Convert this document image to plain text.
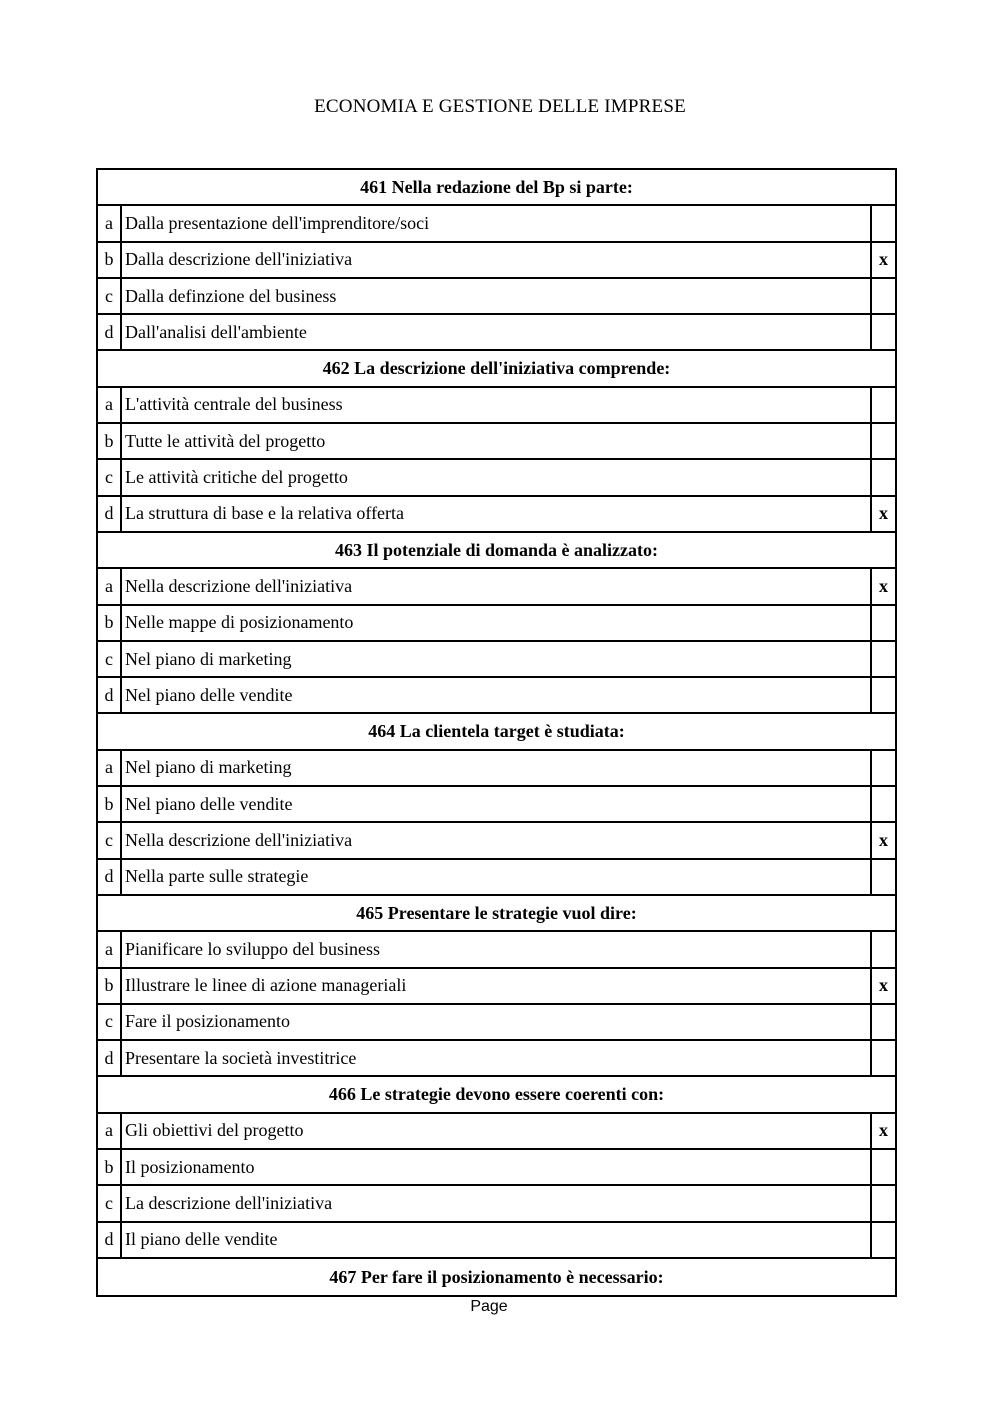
ECONOMIA E GESTIONE DELLE IMPRESE
461 Nella redazione del Bp si parte:
a Dalla presentazione dell'imprenditore/soci
b Dalla descrizione dell'iniziativa	x
c Dalla definzione del business
d Dall'analisi dell'ambiente
462 La descrizione dell'iniziativa comprende:
a L'attività centrale del business
b Tutte le attività del progetto
c Le attività critiche del progetto
d La struttura di base e la relativa offerta	x
463 Il potenziale di domanda è analizzato:
a Nella descrizione dell'iniziativa	x
b Nelle mappe di posizionamento
c Nel piano di marketing
d Nel piano delle vendite
464 La clientela target è studiata:
a Nel piano di marketing
b Nel piano delle vendite
c Nella descrizione dell'iniziativa	x
d Nella parte sulle strategie
465 Presentare le strategie vuol dire:
a Pianificare lo sviluppo del business
b Illustrare le linee di azione manageriali	x
c Fare il posizionamento
d Presentare la società investitrice
466 Le strategie devono essere coerenti con:
a Gli obiettivi del progetto	x
b Il posizionamento
c La descrizione dell'iniziativa
d Il piano delle vendite
467 Per fare il posizionamento è necessario:
Page
